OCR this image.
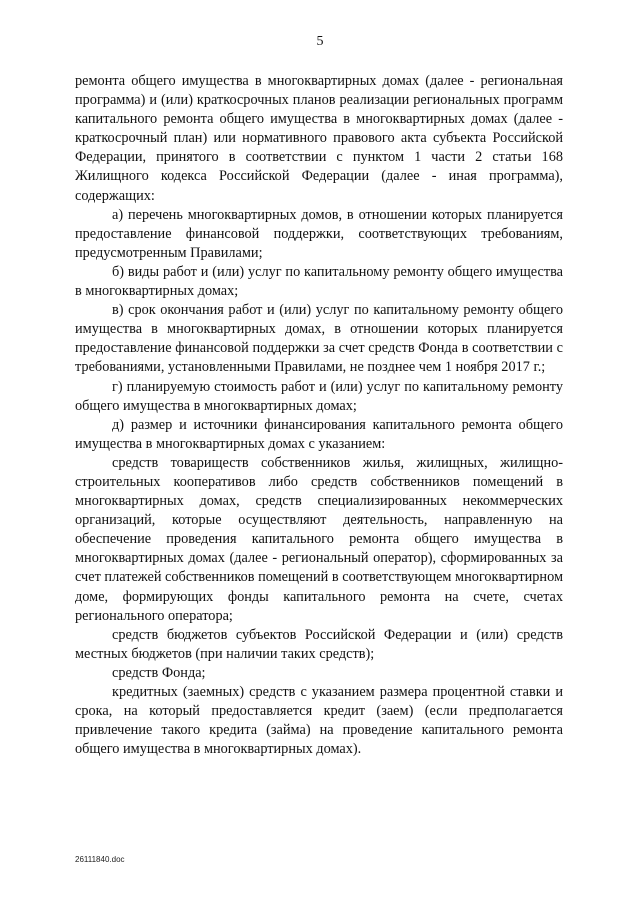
5

ремонта общего имущества в многоквартирных домах (далее - региональная программа) и (или) краткосрочных планов реализации региональных программ капитального ремонта общего имущества в многоквартирных домах (далее - краткосрочный план) или нормативного правового акта субъекта Российской Федерации, принятого в соответствии с пунктом 1 части 2 статьи 168 Жилищного кодекса Российской Федерации (далее - иная программа), содержащих:

а) перечень многоквартирных домов, в отношении которых планируется предоставление финансовой поддержки, соответствующих требованиям, предусмотренным Правилами;

б) виды работ и (или) услуг по капитальному ремонту общего имущества в многоквартирных домах;

в) срок окончания работ и (или) услуг по капитальному ремонту общего имущества в многоквартирных домах, в отношении которых планируется предоставление финансовой поддержки за счет средств Фонда в соответствии с требованиями, установленными Правилами, не позднее чем 1 ноября 2017 г.;

г) планируемую стоимость работ и (или) услуг по капитальному ремонту общего имущества в многоквартирных домах;

д) размер и источники финансирования капитального ремонта общего имущества в многоквартирных домах с указанием:

средств товариществ собственников жилья, жилищных, жилищно-строительных кооперативов либо средств собственников помещений в многоквартирных домах, средств специализированных некоммерческих организаций, которые осуществляют деятельность, направленную на обеспечение проведения капитального ремонта общего имущества в многоквартирных домах (далее - региональный оператор), сформированных за счет платежей собственников помещений в соответствующем многоквартирном доме, формирующих фонды капитального ремонта на счете, счетах регионального оператора;

средств бюджетов субъектов Российской Федерации и (или) средств местных бюджетов (при наличии таких средств);

средств Фонда;

кредитных (заемных) средств с указанием размера процентной ставки и срока, на который предоставляется кредит (заем) (если предполагается привлечение такого кредита (займа) на проведение капитального ремонта общего имущества в многоквартирных домах).

26111840.doc
